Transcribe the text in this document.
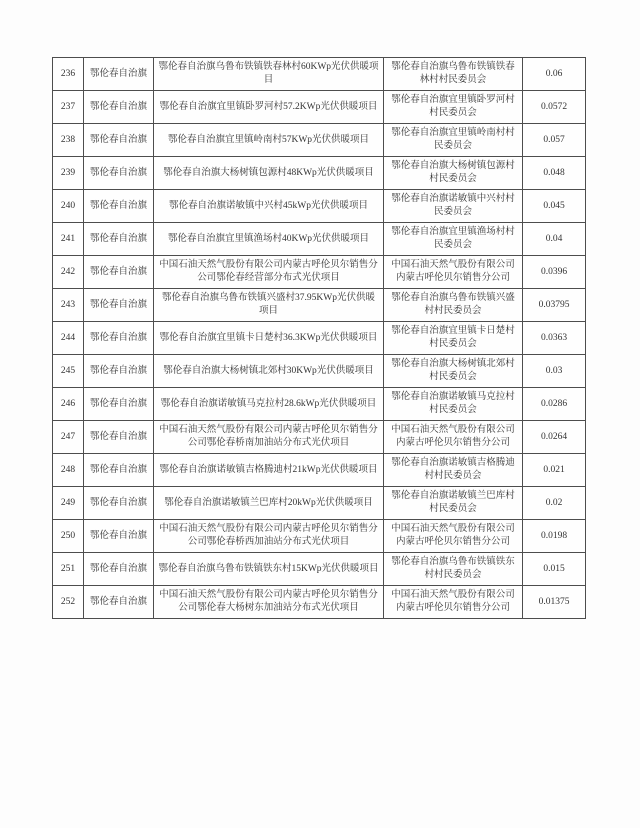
236	鄂伦春自治旗	鄂伦春自治旗乌鲁布铁镇铁春林村60KWp光伏供暖项目	鄂伦春自治旗乌鲁布铁镇铁春林村村民委员会	0.06
237	鄂伦春自治旗	鄂伦春自治旗宜里镇卧罗河村57.2KWp光伏供暖项目	鄂伦春自治旗宜里镇卧罗河村村民委员会	0.0572
238	鄂伦春自治旗	鄂伦春自治旗宜里镇岭南村57KWp光伏供暖项目	鄂伦春自治旗宜里镇岭南村村民委员会	0.057
239	鄂伦春自治旗	鄂伦春自治旗大杨树镇包源村48KWp光伏供暖项目	鄂伦春自治旗大杨树镇包源村村民委员会	0.048
240	鄂伦春自治旗	鄂伦春自治旗诺敏镇中兴村45kWp光伏供暖项目	鄂伦春自治旗诺敏镇中兴村村民委员会	0.045
241	鄂伦春自治旗	鄂伦春自治旗宜里镇渔场村40KWp光伏供暖项目	鄂伦春自治旗宜里镇渔场村村民委员会	0.04
242	鄂伦春自治旗	中国石油天然气股份有限公司内蒙古呼伦贝尔销售分公司鄂伦春经营部分布式光伏项目	中国石油天然气股份有限公司内蒙古呼伦贝尔销售分公司	0.0396
243	鄂伦春自治旗	鄂伦春自治旗乌鲁布铁镇兴盛村37.95KWp光伏供暖项目	鄂伦春自治旗乌鲁布铁镇兴盛村村民委员会	0.03795
244	鄂伦春自治旗	鄂伦春自治旗宜里镇卡日楚村36.3KWp光伏供暖项目	鄂伦春自治旗宜里镇卡日楚村村民委员会	0.0363
245	鄂伦春自治旗	鄂伦春自治旗大杨树镇北郊村30KWp光伏供暖项目	鄂伦春自治旗大杨树镇北郊村村民委员会	0.03
246	鄂伦春自治旗	鄂伦春自治旗诺敏镇马克拉村28.6kWp光伏供暖项目	鄂伦春自治旗诺敏镇马克拉村村民委员会	0.0286
247	鄂伦春自治旗	中国石油天然气股份有限公司内蒙古呼伦贝尔销售分公司鄂伦春桥南加油站分布式光伏项目	中国石油天然气股份有限公司内蒙古呼伦贝尔销售分公司	0.0264
248	鄂伦春自治旗	鄂伦春自治旗诺敏镇吉格腾迪村21kWp光伏供暖项目	鄂伦春自治旗诺敏镇吉格腾迪村村民委员会	0.021
249	鄂伦春自治旗	鄂伦春自治旗诺敏镇兰巴库村20kWp光伏供暖项目	鄂伦春自治旗诺敏镇兰巴库村村民委员会	0.02
250	鄂伦春自治旗	中国石油天然气股份有限公司内蒙古呼伦贝尔销售分公司鄂伦春桥西加油站分布式光伏项目	中国石油天然气股份有限公司内蒙古呼伦贝尔销售分公司	0.0198
251	鄂伦春自治旗	鄂伦春自治旗乌鲁布铁镇铁东村15KWp光伏供暖项目	鄂伦春自治旗乌鲁布铁镇铁东村村民委员会	0.015
252	鄂伦春自治旗	中国石油天然气股份有限公司内蒙古呼伦贝尔销售分公司鄂伦春大杨树东加油站分布式光伏项目	中国石油天然气股份有限公司内蒙古呼伦贝尔销售分公司	0.01375
